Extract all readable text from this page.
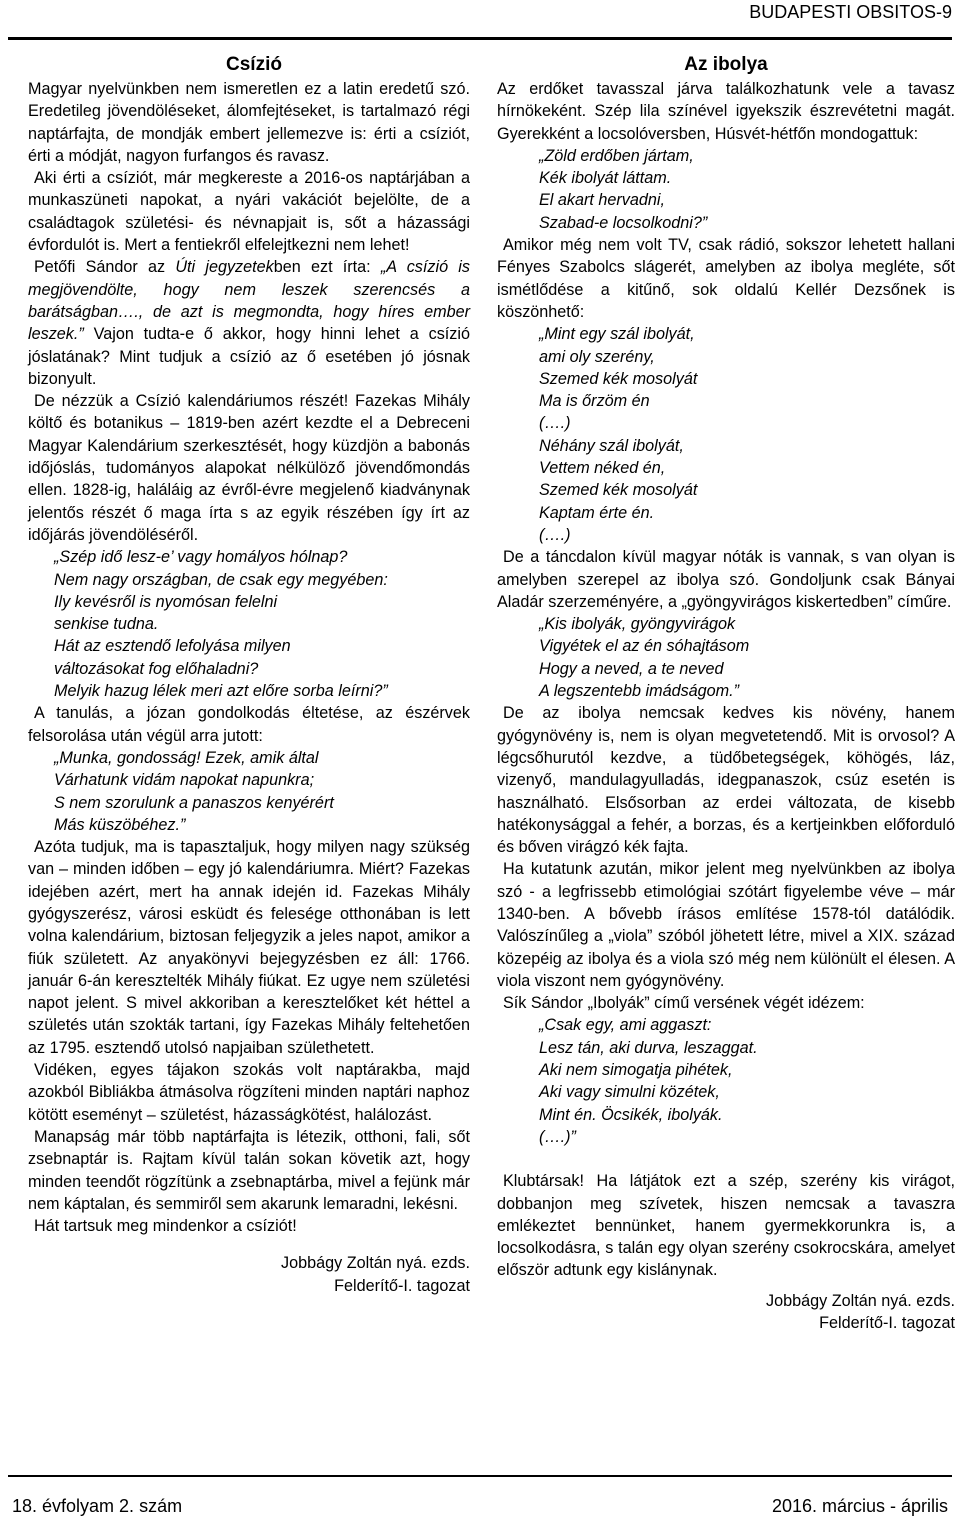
BUDAPESTI OBSITOS-9
Csízió

Magyar nyelvünkben nem ismeretlen ez a latin eredetű szó. Eredetileg jövendöléseket, álomfejtéseket, is tartalmazó régi naptárfajta, de mondják embert jellemezve is: érti a csíziót, érti a módját, nagyon furfangos és ravasz.

Aki érti a csíziót, már megkereste a 2016-os naptárjában a munkaszüneti napokat, a nyári vakációt bejelölte, de a családtagok születési- és névnapjait is, sőt a házassági évfordulót is. Mert a fentiekről elfelejtkezni nem lehet!

Petőfi Sándor az Úti jegyzetekben ezt írta: „A csízió is megjövendölte, hogy nem leszek szerencsés a barátságban…., de azt is megmondta, hogy híres ember leszek.” Vajon tudta-e ő akkor, hogy hinni lehet a csízió jóslatának? Mint tudjuk a csízió az ő esetében jó jósnak bizonyult.

De nézzük a Csízió kalendáriumos részét! Fazekas Mihály költő és botanikus – 1819-ben azért kezdte el a Debreceni Magyar Kalendárium szerkesztését, hogy küzdjön a babonás időjóslás, tudományos alapokat nélkülöző jövendőmondás ellen. 1828-ig, haláláig az évről-évre megjelenő kiadványnak jelentős részét ő maga írta s az egyik részében így írt az időjárás jövendöléséről.

„Szép idő lesz-e’ vagy homályos hólnap?
Nem nagy országban, de csak egy megyében:
Ily kevésről is nyomósan felelni
senkise tudna.
Hát az esztendő lefolyása milyen
változásokat fog előhaladni?
Melyik hazug lélek meri azt előre sorba leírni?”

A tanulás, a józan gondolkodás éltetése, az észérvek felsorolása után végül arra jutott:

„Munka, gondosság! Ezek, amik által
Várhatunk vidám napokat napunkra;
S nem szorulunk a panaszos kenyérért
Más küszöbéhez.”

Azóta tudjuk, ma is tapasztaljuk, hogy milyen nagy szükség van – minden időben – egy jó kalendáriumra. Miért? Fazekas idejében azért, mert ha annak idején id. Fazekas Mihály gyógyszerész, városi esküdt és felesége otthonában is lett volna kalendárium, biztosan feljegyzik a jeles napot, amikor a fiúk született. Az anyakönyvi bejegyzésben ez áll: 1766. január 6-án keresztelték Mihály fiúkat. Ez ugye nem születési napot jelent. S mivel akkoriban a keresztelőket két héttel a születés után szokták tartani, így Fazekas Mihály feltehetően az 1795. esztendő utolsó napjaiban születhetett.

Vidéken, egyes tájakon szokás volt naptárakba, majd azokból Bibliákba átmásolva rögzíteni minden naptári naphoz kötött eseményt – születést, házasságkötést, halálozást.

Manapság már több naptárfajta is létezik, otthoni, fali, sőt zsebnaptár is. Rajtam kívül talán sokan követik azt, hogy minden teendőt rögzítünk a zsebnaptárba, mivel a fejünk már nem káptalan, és semmiről sem akarunk lemaradni, lekésni.

Hát tartsuk meg mindenkor a csíziót!

Jobbágy Zoltán nyá. ezds.
Felderítő-I. tagozat
Az ibolya

Az erdőket tavasszal járva találkozhatunk vele a tavasz hírnökeként. Szép lila színével igyekszik észrevétetni magát. Gyerekként a locsolóversben, Húsvét-hétfőn mondogattuk:

„Zöld erdőben jártam,
Kék ibolyát láttam.
El akart hervadni,
Szabad-e locsolkodni?”

Amikor még nem volt TV, csak rádió, sokszor lehetett hallani Fényes Szabolcs slágerét, amelyben az ibolya megléte, sőt ismétlődése a kitűnő, sok oldalú Kellér Dezsőnek is köszönhető:

„Mint egy szál ibolyát,
ami oly szerény,
Szemed kék mosolyát
Ma is őrzöm én
(….)
Néhány szál ibolyát,
Vettem néked én,
Szemed kék mosolyát
Kaptam érte én.
(….)

De a táncdalon kívül magyar nóták is vannak, s van olyan is amelyben szerepel az ibolya szó. Gondoljunk csak Bányai Aladár szerzeményére, a „gyöngyvirágos kiskertedben” címűre.

„Kis ibolyák, gyöngyvirágok
Vigyétek el az én sóhajtásom
Hogy a neved, a te neved
A legszentebb imádságom.”

De az ibolya nemcsak kedves kis növény, hanem gyógynövény is, nem is olyan megvetetendő. Mit is orvosol? A légcsőhurutól kezdve, a tüdőbetegségek, köhögés, láz, vizenyő, mandulagyulladás, idegpanaszok, csúz esetén is használható. Elsősorban az erdei változata, de kisebb hatékonysággal a fehér, a borzas, és a kertjeinkben előforduló és bőven virágzó kék fajta.

Ha kutatunk azután, mikor jelent meg nyelvünkben az ibolya szó - a legfrissebb etimológiai szótárt figyelembe véve – már 1340-ben. A bővebb írásos említése 1578-tól datálódik. Valószínűleg a „viola” szóból jöhetett létre, mivel a XIX. század közepéig az ibolya és a viola szó még nem különült el élesen. A viola viszont nem gyógynövény.

Sík Sándor „Ibolyák” című versének végét idézem:

„Csak egy, ami aggaszt:
Lesz tán, aki durva, leszaggat.
Aki nem simogatja pihétek,
Aki vagy simulni közétek,
Mint én. Öcsikék, ibolyák.
(….)”

Klubtársak! Ha látjátok ezt a szép, szerény kis virágot, dobbanjon meg szívetek, hiszen nemcsak a tavaszra emlékeztet bennünket, hanem gyermekkorunkra is, a locsolkodásra, s talán egy olyan szerény csokrocskára, amelyet először adtunk egy kislánynak.

Jobbágy Zoltán nyá. ezds.
Felderítő-I. tagozat
18. évfolyam 2. szám	2016. március - április
